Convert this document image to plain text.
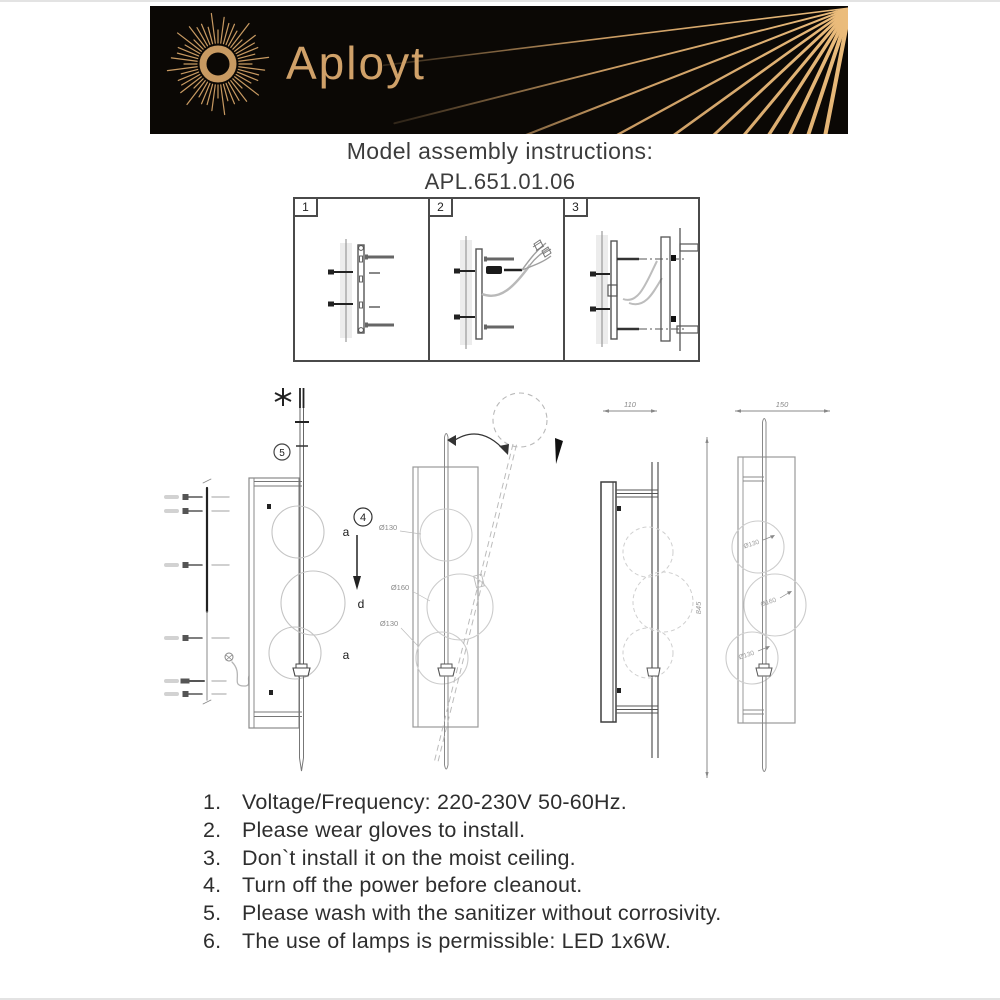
Aployt
Model assembly instructions:
APL.651.01.06
1	2	3
5
4
a
d
a
Ø130
Ø160
Ø130
110
845
150
Ø130
Ø160
Ø130
1. Voltage/Frequency: 220-230V 50-60Hz.
2. Please wear gloves to install.
3. Don`t install it on the moist ceiling.
4. Turn off the power before cleanout.
5. Please wash with the sanitizer without corrosivity.
6. The use of lamps is permissible: LED 1x6W.
